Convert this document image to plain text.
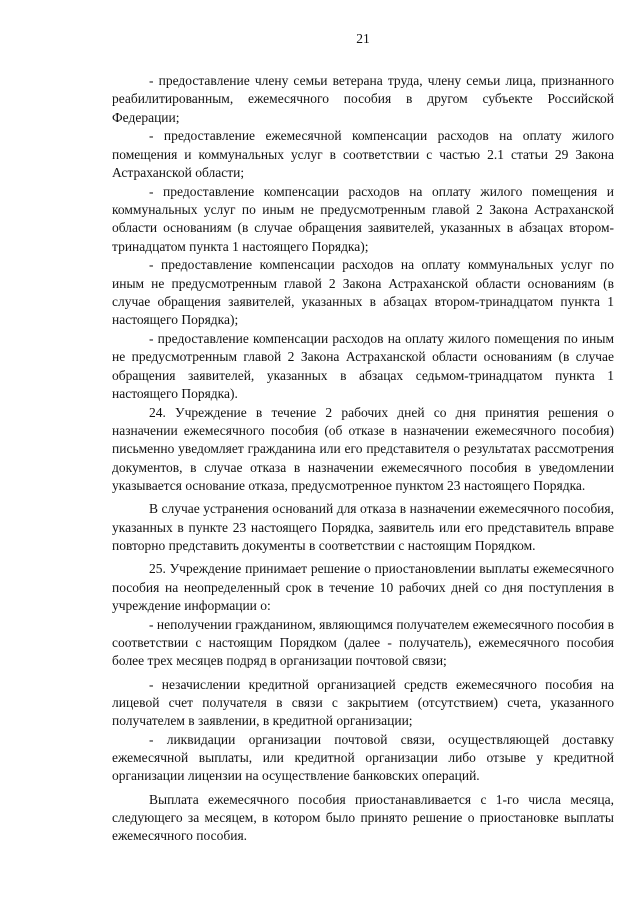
21

- предоставление члену семьи ветерана труда, члену семьи лица, признанного реабилитированным, ежемесячного пособия в другом субъекте Российской Федерации;

- предоставление ежемесячной компенсации расходов на оплату жилого помещения и коммунальных услуг в соответствии с частью 2.1 статьи 29 Закона Астраханской области;

- предоставление компенсации расходов на оплату жилого помещения и коммунальных услуг по иным не предусмотренным главой 2 Закона Астраханской области основаниям (в случае обращения заявителей, указанных в абзацах втором-тринадцатом пункта 1 настоящего Порядка);

- предоставление компенсации расходов на оплату коммунальных услуг по иным не предусмотренным главой 2 Закона Астраханской области основаниям (в случае обращения заявителей, указанных в абзацах втором-тринадцатом пункта 1 настоящего Порядка);

- предоставление компенсации расходов на оплату жилого помещения по иным не предусмотренным главой 2 Закона Астраханской области основаниям (в случае обращения заявителей, указанных в абзацах седьмом-тринадцатом пункта 1 настоящего Порядка).

24. Учреждение в течение 2 рабочих дней со дня принятия решения о назначении ежемесячного пособия (об отказе в назначении ежемесячного пособия) письменно уведомляет гражданина или его представителя о результатах рассмотрения документов, в случае отказа в назначении ежемесячного пособия в уведомлении указывается основание отказа, предусмотренное пунктом 23 настоящего Порядка.

В случае устранения оснований для отказа в назначении ежемесячного пособия, указанных в пункте 23 настоящего Порядка, заявитель или его представитель вправе повторно представить документы в соответствии с настоящим Порядком.

25. Учреждение принимает решение о приостановлении выплаты ежемесячного пособия на неопределенный срок в течение 10 рабочих дней со дня поступления в учреждение информации о:

- неполучении гражданином, являющимся получателем ежемесячного пособия в соответствии с настоящим Порядком (далее - получатель), ежемесячного пособия более трех месяцев подряд в организации почтовой связи;

- незачислении кредитной организацией средств ежемесячного пособия на лицевой счет получателя в связи с закрытием (отсутствием) счета, указанного получателем в заявлении, в кредитной организации;

- ликвидации организации почтовой связи, осуществляющей доставку ежемесячной выплаты, или кредитной организации либо отзыве у кредитной организации лицензии на осуществление банковских операций.

Выплата ежемесячного пособия приостанавливается с 1-го числа месяца, следующего за месяцем, в котором было принято решение о приостановке выплаты ежемесячного пособия.
